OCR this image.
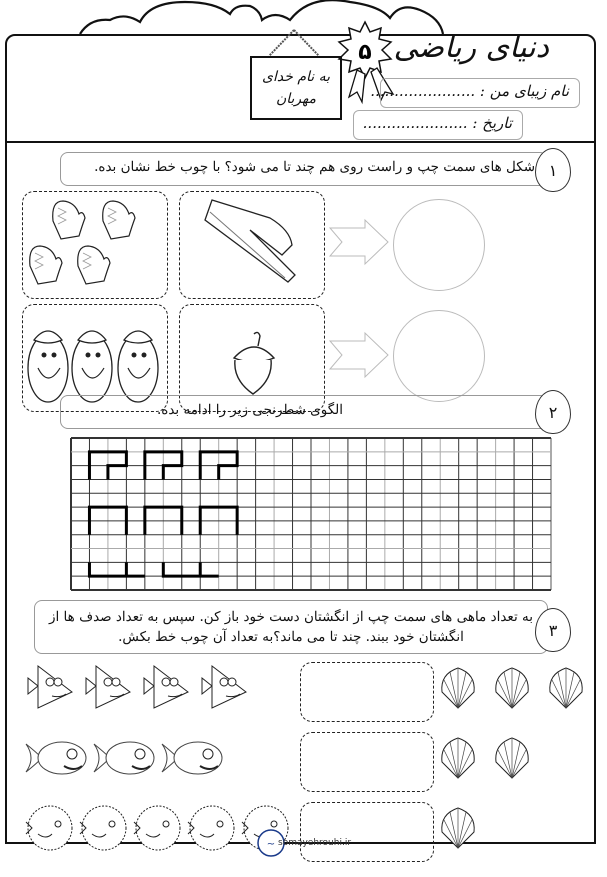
دنیای ریاضی
۵
به نام خدای
مهربان	نام زیبای من : ......................
تاریخ : ......................
شکل های سمت چپ و راست روی هم چند تا می شود؟ با چوب خط نشان بده. ۱
الگوی شطرنجی زیر را ادامه بده.	۲
به تعداد ماهی های سمت چپ از انگشتان دست خود باز کن. سپس به تعداد صدف ها از
انگشتان خود ببند. چند تا می ماند؟به تعداد آن چوب خط بکش.	۳
~ somayehrouhi.ir
